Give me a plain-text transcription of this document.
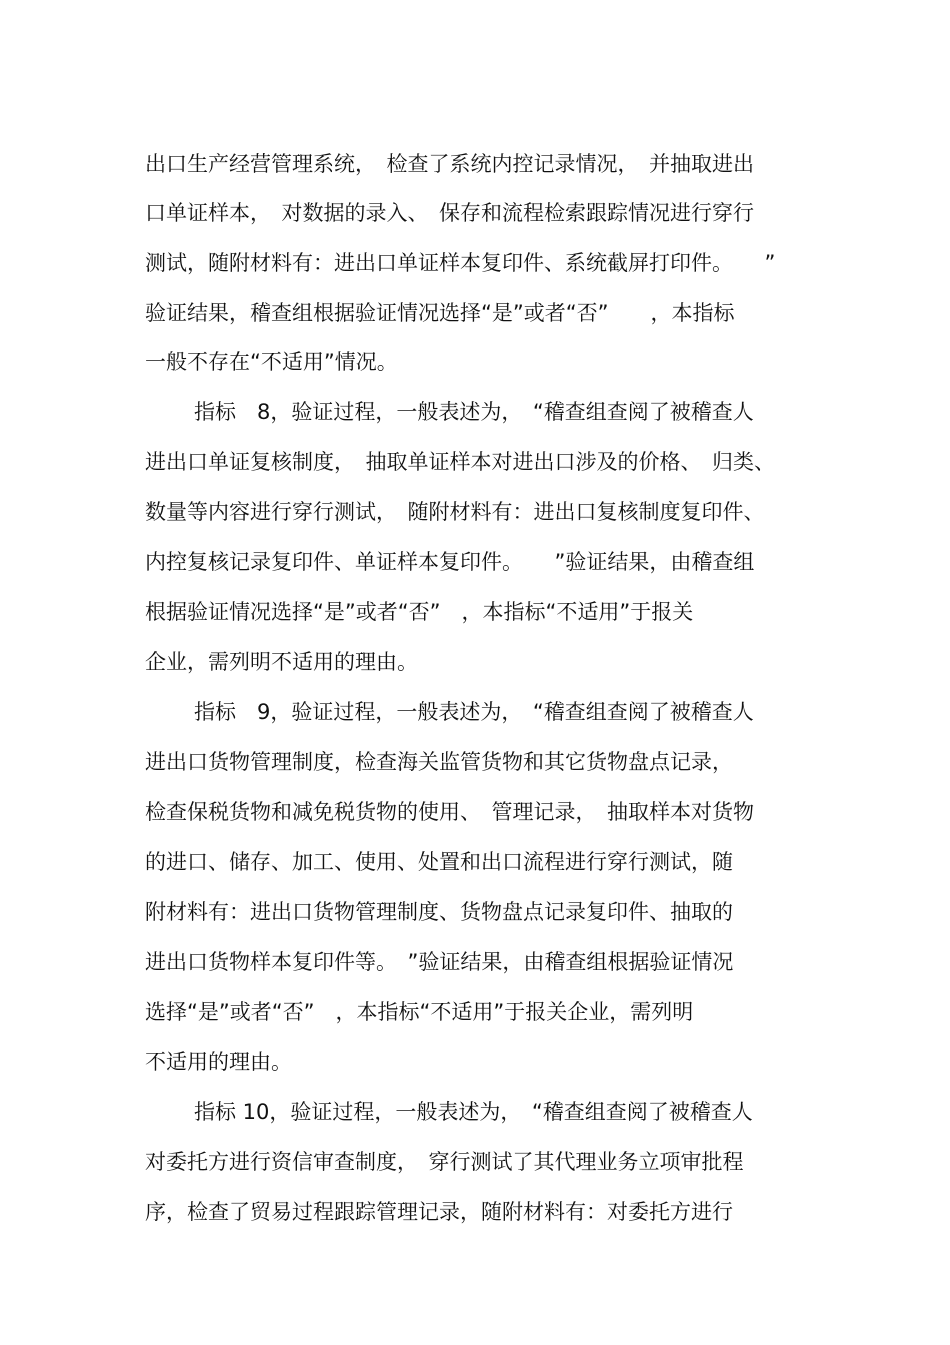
出口生产经营管理系统，　检查了系统内控记录情况，　并抽取进出
口单证样本，　对数据的录入、　保存和流程检索跟踪情况进行穿行
测试，随附材料有：进出口单证样本复印件、系统截屏打印件。　　”
验证结果，稽查组根据验证情况选择“是”或者“否”　　，本指标
一般不存在“不适用”情况。
指标　8，验证过程，一般表述为，　“稽查组查阅了被稽查人
进出口单证复核制度，　抽取单证样本对进出口涉及的价格、　归类、
数量等内容进行穿行测试，　随附材料有：进出口复核制度复印件、
内控复核记录复印件、单证样本复印件。　　”验证结果，由稽查组
根据验证情况选择“是”或者“否”　，本指标“不适用”于报关
企业，需列明不适用的理由。
指标　9，验证过程，一般表述为，　“稽查组查阅了被稽查人
进出口货物管理制度，检查海关监管货物和其它货物盘点记录，
检查保税货物和减免税货物的使用、　管理记录，　抽取样本对货物
的进口、储存、加工、使用、处置和出口流程进行穿行测试，随
附材料有：进出口货物管理制度、货物盘点记录复印件、抽取的
进出口货物样本复印件等。　”验证结果，由稽查组根据验证情况
选择“是”或者“否”　，本指标“不适用”于报关企业，需列明
不适用的理由。
指标 10，验证过程，一般表述为，　“稽查组查阅了被稽查人
对委托方进行资信审查制度，　穿行测试了其代理业务立项审批程
序，检查了贸易过程跟踪管理记录，随附材料有：对委托方进行
